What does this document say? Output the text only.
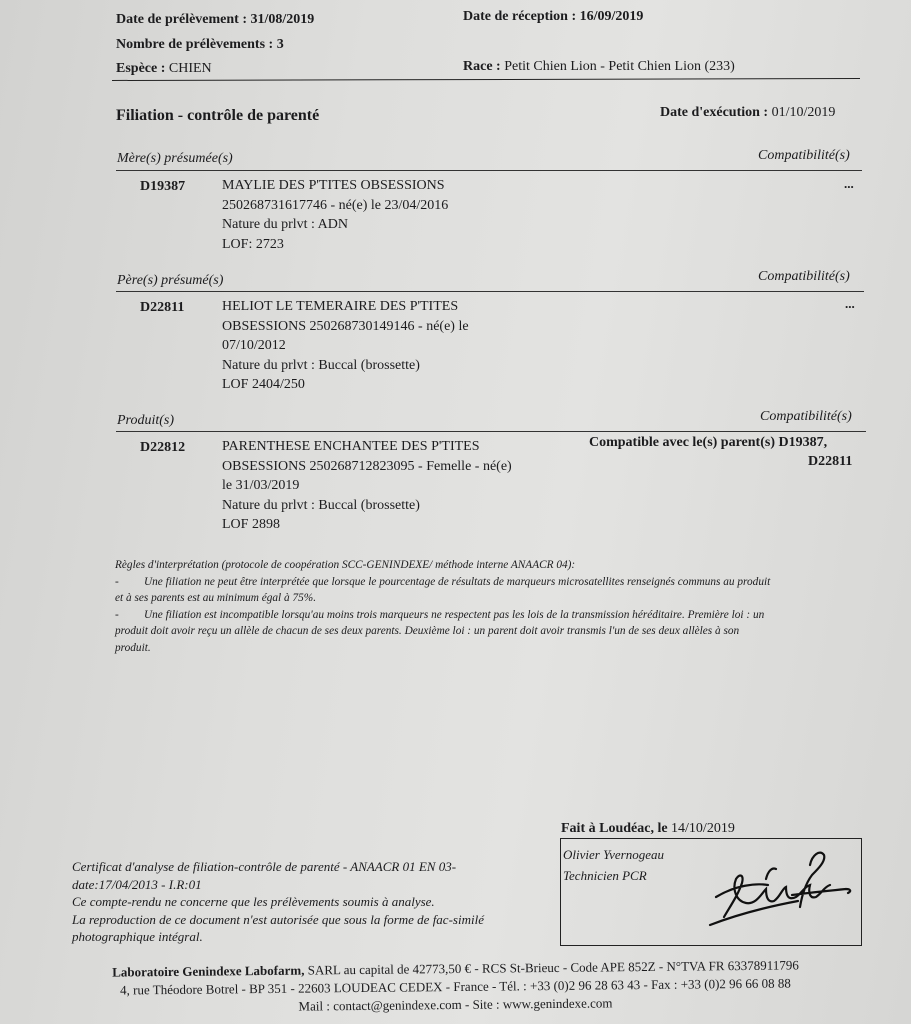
Date de prélèvement : 31/08/2019	Date de réception : 16/09/2019
Nombre de prélèvements : 3
Espèce : CHIEN	Race : Petit Chien Lion - Petit Chien Lion (233)
Filiation - contrôle de parenté	Date d'exécution : 01/10/2019
Mère(s) présumée(s)	Compatibilité(s)
D19387	MAYLIE DES P'TITES OBSESSIONS
250268731617746 - né(e) le 23/04/2016
Nature du prlvt : ADN
LOF: 2723
...
Père(s) présumé(s)	Compatibilité(s)
D22811	HELIOT LE TEMERAIRE DES P'TITES
OBSESSIONS 250268730149146 - né(e) le
07/10/2012
Nature du prlvt : Buccal (brossette)
LOF 2404/250
...
Produit(s)	Compatibilité(s)
D22812	PARENTHESE ENCHANTEE DES P'TITES
OBSESSIONS 250268712823095 - Femelle - né(e)
le 31/03/2019
Nature du prlvt : Buccal (brossette)
LOF 2898
Compatible avec le(s) parent(s) D19387,
D22811

Règles d'interprétation (protocole de coopération SCC-GENINDEXE/ méthode interne ANAACR 04):

- Une filiation ne peut être interprétée que lorsque le pourcentage de résultats de marqueurs microsatellites renseignés communs au produit

et à ses parents est au minimum égal à 75%.

- Une filiation est incompatible lorsqu'au moins trois marqueurs ne respectent pas les lois de la transmission héréditaire. Première loi : un

produit doit avoir reçu un allèle de chacun de ses deux parents. Deuxième loi : un parent doit avoir transmis l'un de ses deux allèles à son

produit.

Fait à Loudéac, le 14/10/2019
Olivier Yvernogeau
Technicien PCR

Certificat d'analyse de filiation-contrôle de parenté - ANAACR 01 EN 03-

date:17/04/2013 - I.R:01

Ce compte-rendu ne concerne que les prélèvements soumis à analyse.

La reproduction de ce document n'est autorisée que sous la forme de fac-similé

photographique intégral.

Laboratoire Genindexe Labofarm, SARL au capital de 42773,50 € - RCS St-Brieuc - Code APE 852Z - N°TVA FR 63378911796
4, rue Théodore Botrel - BP 351 - 22603 LOUDEAC CEDEX - France - Tél. : +33 (0)2 96 28 63 43 - Fax : +33 (0)2 96 66 08 88
Mail : contact@genindexe.com - Site : www.genindexe.com
